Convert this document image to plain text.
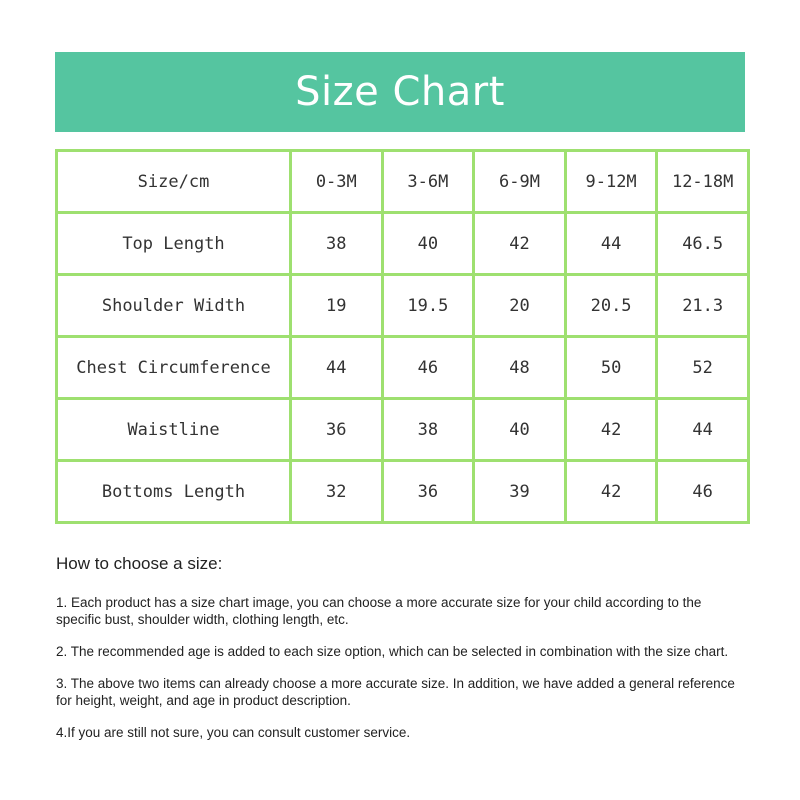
Size Chart
Size/cm	0-3M	3-6M	6-9M	9-12M	12-18M
Top Length	38	40	42	44	46.5
Shoulder Width	19	19.5	20	20.5	21.3
Chest Circumference	44	46	48	50	52
Waistline	36	38	40	42	44
Bottoms Length	32	36	39	42	46
How to choose a size:
1. Each product has a size chart image, you can choose a more accurate size for your child according to the specific bust, shoulder width, clothing length, etc.
2. The recommended age is added to each size option, which can be selected in combination with the size chart.
3. The above two items can already choose a more accurate size. In addition, we have added a general reference for height, weight, and age in product description.
4.If you are still not sure, you can consult customer service.
